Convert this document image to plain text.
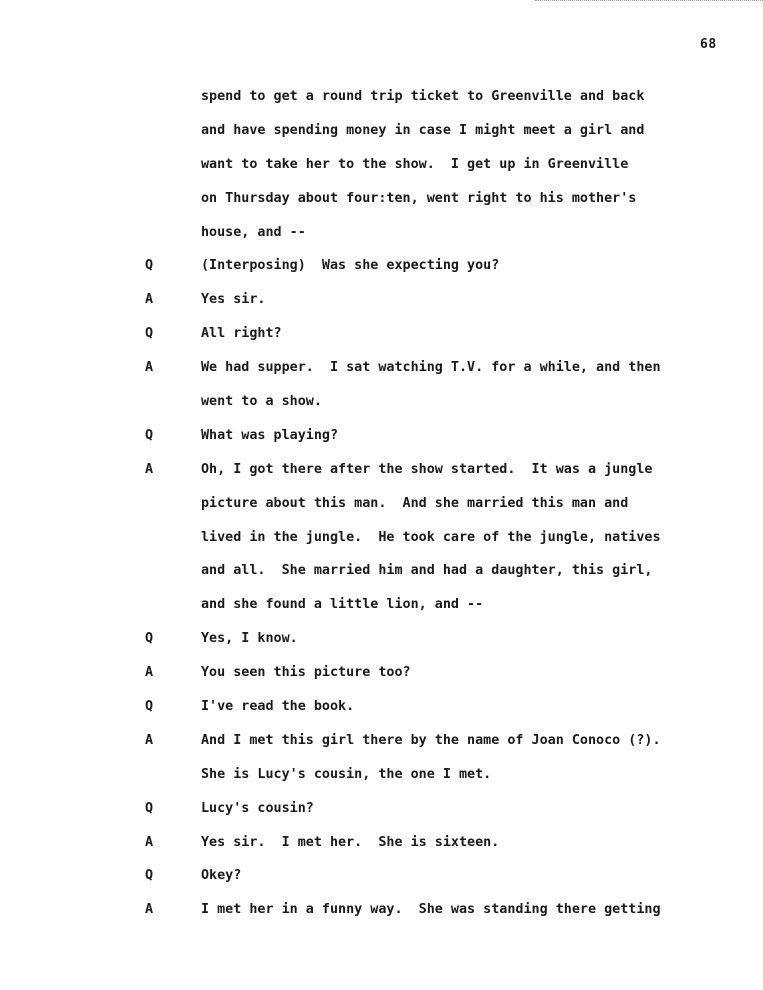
68
spend to get a round trip ticket to Greenville and back
and have spending money in case I might meet a girl and
want to take her to the show.  I get up in Greenville
on Thursday about four:ten, went right to his mother's
house, and --
Q	(Interposing)  Was she expecting you?
A	Yes sir.
Q	All right?
A	We had supper.  I sat watching T.V. for a while, and then
went to a show.
Q	What was playing?
A	Oh, I got there after the show started.  It was a jungle
picture about this man.  And she married this man and
lived in the jungle.  He took care of the jungle, natives
and all.  She married him and had a daughter, this girl,
and she found a little lion, and --
Q	Yes, I know.
A	You seen this picture too?
Q	I've read the book.
A	And I met this girl there by the name of Joan Conoco (?).
She is Lucy's cousin, the one I met.
Q	Lucy's cousin?
A	Yes sir.  I met her.  She is sixteen.
Q	Okey?
A	I met her in a funny way.  She was standing there getting
